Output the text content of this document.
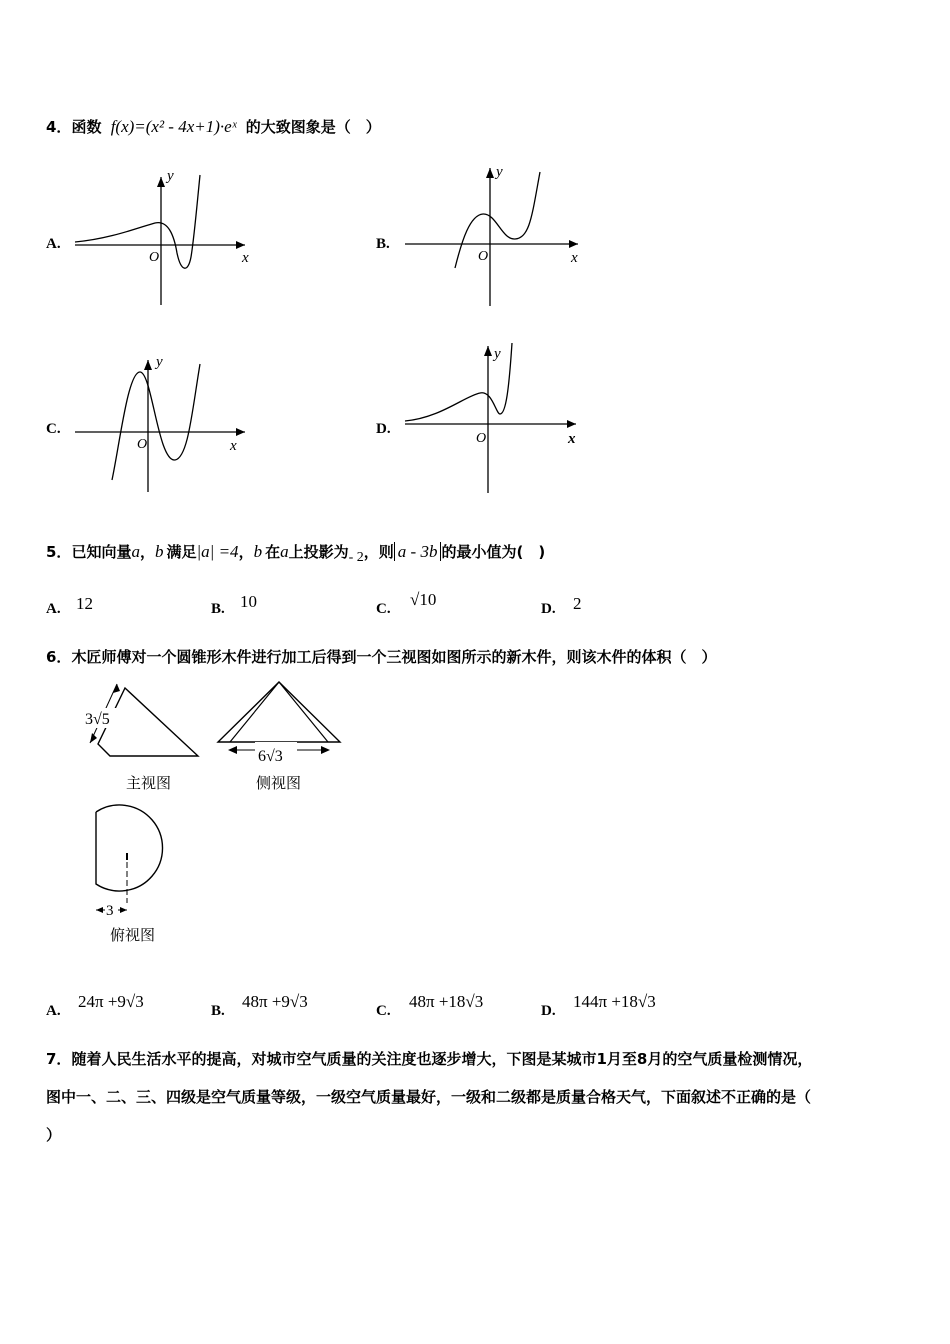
4．函数 f(x)=(x² - 4x+1)·eˣ 的大致图象是（　）
A.
x
y
O
B.
x
y
O
C.
x
y
O
D.
x
y
O
5．已知向量a，b 满足|a| =4，b 在a上投影为- 2，则 a - 3b 的最小值为(　)
A. 12	B. 10	C. √10	D. 2
6．木匠师傅对一个圆锥形木件进行加工后得到一个三视图如图所示的新木件，则该木件的体积（　）
3√5
主视图
6√3
侧视图
3
俯视图
A. 24π +9√3	B. 48π +9√3	C. 48π +18√3	D. 144π +18√3
7．随着人民生活水平的提高，对城市空气质量的关注度也逐步增大，下图是某城市1月至8月的空气质量检测情况，
图中一、二、三、四级是空气质量等级，一级空气质量最好，一级和二级都是质量合格天气，下面叙述不正确的是（
）
